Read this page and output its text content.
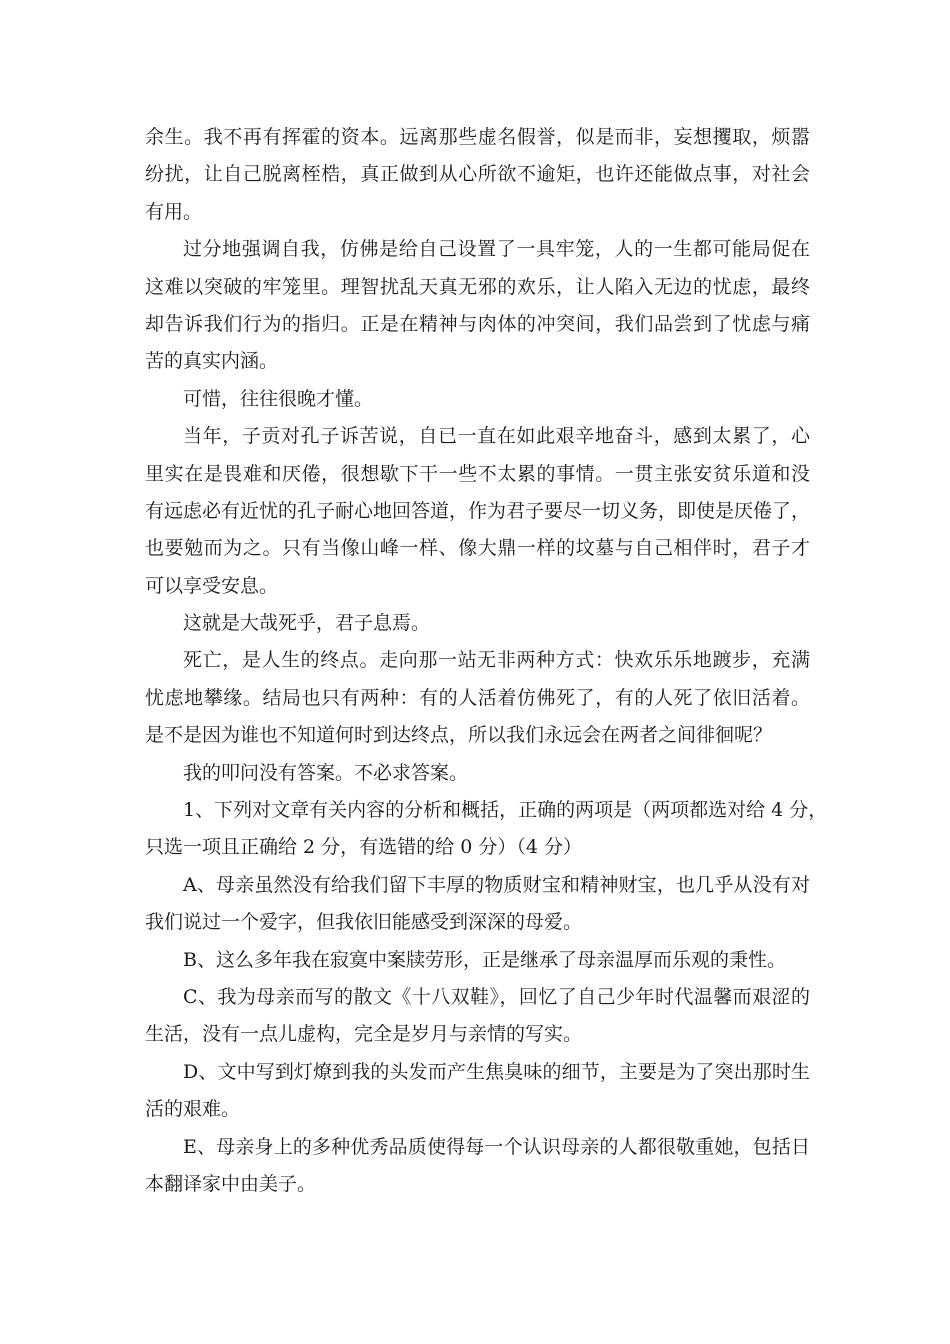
余生。我不再有挥霍的资本。远离那些虚名假誉，似是而非，妄想攫取，烦嚣
纷扰，让自己脱离桎梏，真正做到从心所欲不逾矩，也许还能做点事，对社会
有用。
过分地强调自我，仿佛是给自己设置了一具牢笼，人的一生都可能局促在
这难以突破的牢笼里。理智扰乱天真无邪的欢乐，让人陷入无边的忧虑，最终
却告诉我们行为的指归。正是在精神与肉体的冲突间，我们品尝到了忧虑与痛
苦的真实内涵。
可惜，往往很晚才懂。
当年，子贡对孔子诉苦说，自已一直在如此艰辛地奋斗，感到太累了，心
里实在是畏难和厌倦，很想歇下干一些不太累的事情。一贯主张安贫乐道和没
有远虑必有近忧的孔子耐心地回答道，作为君子要尽一切义务，即使是厌倦了，
也要勉而为之。只有当像山峰一样、像大鼎一样的坟墓与自己相伴时，君子才
可以享受安息。
这就是大哉死乎，君子息焉。
死亡，是人生的终点。走向那一站无非两种方式：快欢乐乐地踱步，充满
忧虑地攀缘。结局也只有两种：有的人活着仿佛死了，有的人死了依旧活着。
是不是因为谁也不知道何时到达终点，所以我们永远会在两者之间徘徊呢？
我的叩问没有答案。不必求答案。
1、下列对文章有关内容的分析和概括，正确的两项是（两项都选对给 4 分，
只选一项且正确给 2 分，有选错的给 0 分）（4 分）
A、母亲虽然没有给我们留下丰厚的物质财宝和精神财宝，也几乎从没有对
我们说过一个爱字，但我依旧能感受到深深的母爱。
B、这么多年我在寂寞中案牍劳形，正是继承了母亲温厚而乐观的秉性。
C、我为母亲而写的散文《十八双鞋》，回忆了自己少年时代温馨而艰涩的
生活，没有一点儿虚构，完全是岁月与亲情的写实。
D、文中写到灯燎到我的头发而产生焦臭味的细节，主要是为了突出那时生
活的艰难。
E、母亲身上的多种优秀品质使得每一个认识母亲的人都很敬重她，包括日
本翻译家中由美子。
